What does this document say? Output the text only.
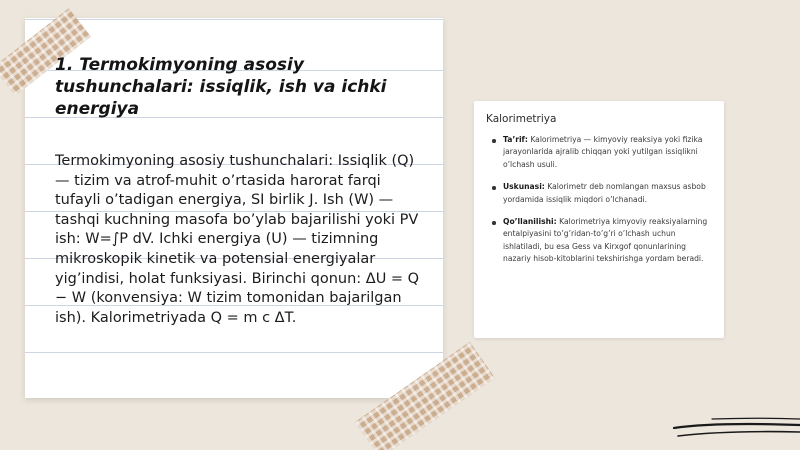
1. Termokimyoning asosiy tushunchalari: issiqlik, ish va ichki energiya
Termokimyoning asosiy tushunchalari: Issiqlik (Q) — tizim va atrof-muhit o’rtasida harorat farqi tufayli o’tadigan energiya, SI birlik J. Ish (W) — tashqi kuchning masofa bo’ylab bajarilishi yoki PV ish: W=∫P dV. Ichki energiya (U) — tizimning mikroskopik kinetik va potensial energiyalar yig’indisi, holat funksiyasi. Birinchi qonun: ΔU = Q − W (konvensiya: W tizim tomonidan bajarilgan ish). Kalorimetriyada Q = m c ΔT.
Kalorimetriya
Ta’rif: Kalorimetriya — kimyoviy reaksiya yoki fizika jarayonlarida ajralib chiqqan yoki yutilgan issiqlikni o’lchash usuli.
Uskunasi: Kalorimetr deb nomlangan maxsus asbob yordamida issiqlik miqdori o’lchanadi.
Qo’llanilishi: Kalorimetriya kimyoviy reaksiyalarning entalpiyasini to’g’ridan-to’g’ri o’lchash uchun ishlatiladi, bu esa Gess va Kirxgof qonunlarining nazariy hisob-kitoblarini tekshirishga yordam beradi.
